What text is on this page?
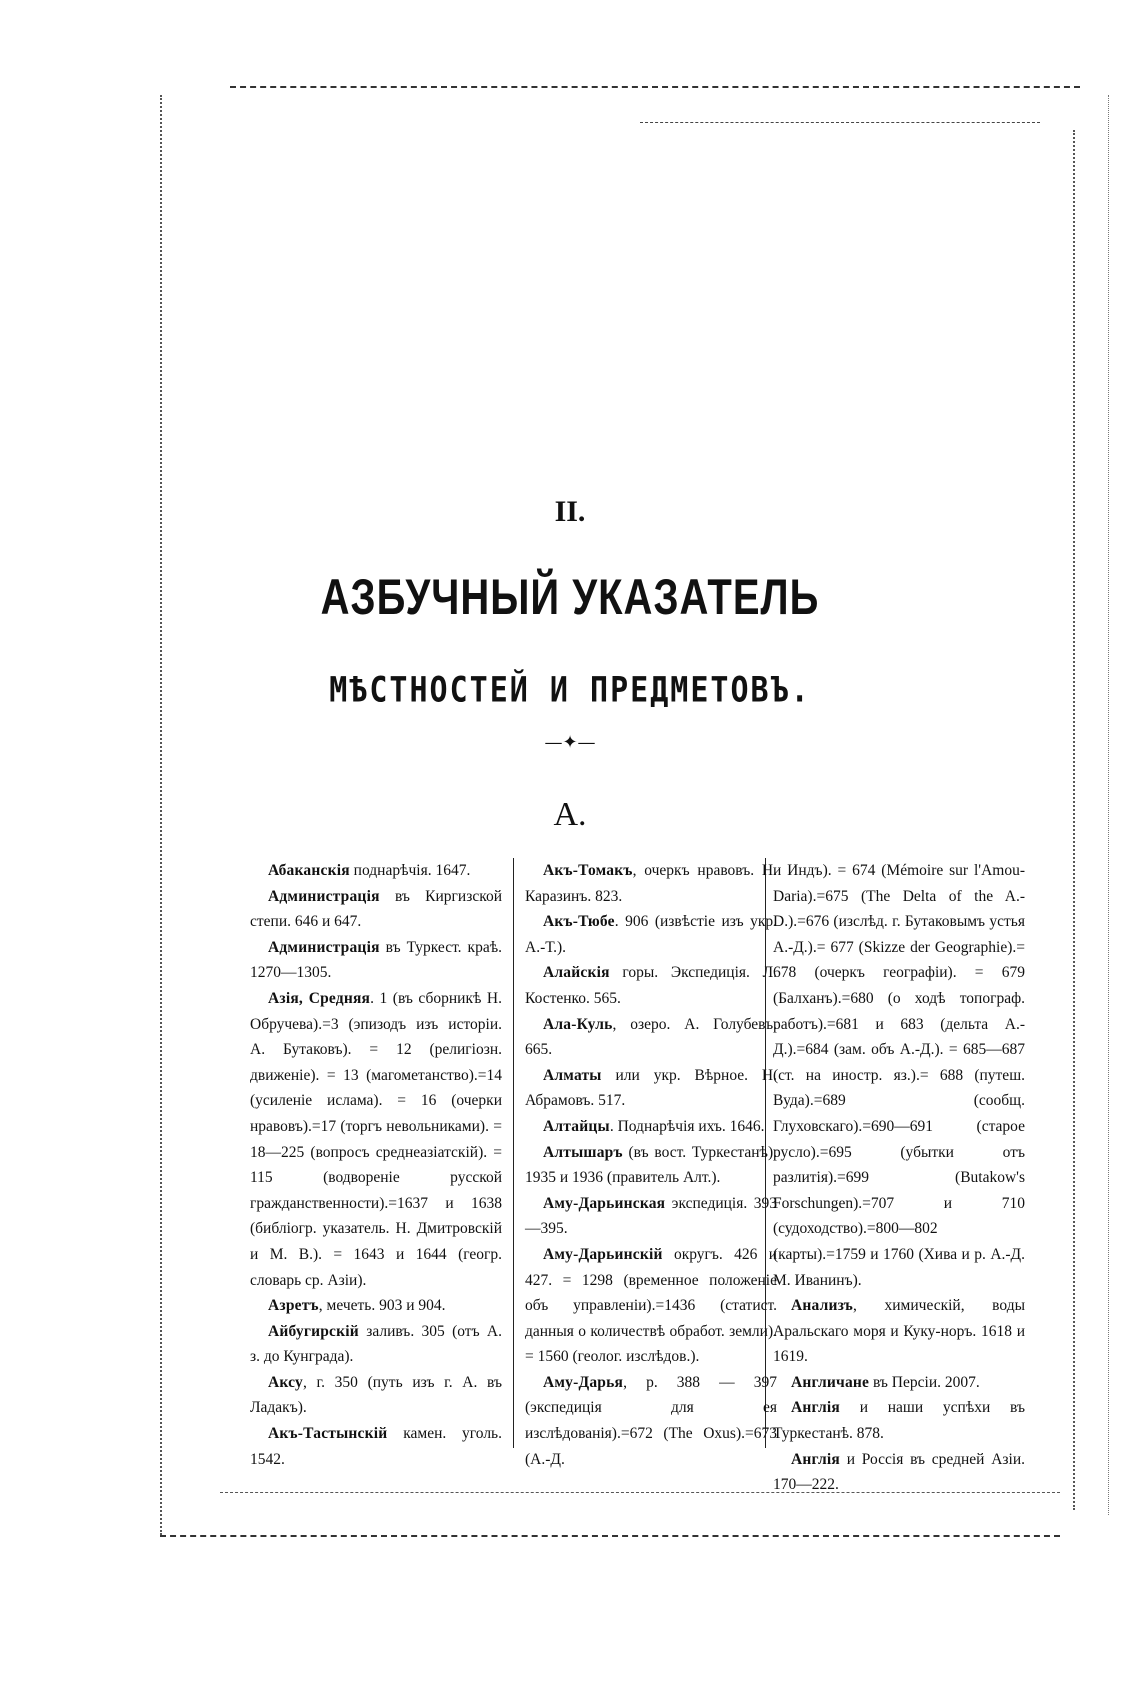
II.
АЗБУЧНЫЙ УКАЗАТЕЛЬ
МѢСТНОСТЕЙ И ПРЕДМЕТОВЪ.
—✦—
А.

Абаканскія поднарѣчія. 1647.

Администрація въ Киргизской степи. 646 и 647.

Администрація въ Туркест. краѣ. 1270—1305.

Азія, Средняя. 1 (въ сборникѣ Н. Обручева).=3 (эпизодъ изъ исторіи. А. Бутаковъ). = 12 (религіозн. движеніе). = 13 (магометанство).=14 (усиленіе ислама). = 16 (очерки нравовъ).=17 (торгъ невольниками). = 18—225 (вопросъ среднеазіатскій). = 115 (водвореніе русской гражданственности).=1637 и 1638 (библіогр. указатель. Н. Дмитровскій и М. В.). = 1643 и 1644 (геогр. словарь ср. Азіи).

Азретъ, мечеть. 903 и 904.

Айбугирскій заливъ. 305 (отъ А. з. до Кунграда).

Аксу, г. 350 (путь изъ г. А. въ Ладакъ).

Акъ-Тастынскій камен. уголь. 1542.

Акъ-Томакъ, очеркъ нравовъ. Н. Каразинъ. 823.

Акъ-Тюбе. 906 (извѣстіе изъ укр. А.-Т.).

Алайскія горы. Экспедиція. Л. Костенко. 565.

Ала-Куль, озеро. А. Голубевъ. 665.

Алматы или укр. Вѣрное. Н. Абрамовъ. 517.

Алтайцы. Поднарѣчія ихъ. 1646.

Алтышаръ (въ вост. Туркестанѣ). 1935 и 1936 (правитель Алт.).

Аму-Дарьинская экспедиція. 393—395.

Аму-Дарьинскій округъ. 426 и 427. = 1298 (временное положеніе объ управленіи).=1436 (статист. данныя о количествѣ обработ. земли). = 1560 (геолог. изслѣдов.).

Аму-Дарья, р. 388 — 397 (экспедиція для ея изслѣдованія).=672 (The Oxus).=673 (А.-Д.

и Индъ). = 674 (Mémoire sur l'Amou-Daria).=675 (The Delta of the A.-D.).=676 (изслѣд. г. Бутаковымъ устья А.-Д.).= 677 (Skizze der Geographie).= 678 (очеркъ географіи). = 679 (Балханъ).=680 (о ходѣ топограф. работъ).=681 и 683 (дельта А.-Д.).=684 (зам. объ А.-Д.). = 685—687 (ст. на иностр. яз.).= 688 (путеш. Вуда).=689 (сообщ. Глуховскаго).=690—691 (старое русло).=695 (убытки отъ разлитія).=699 (Butakow's Forschungen).=707 и 710 (судоходство).=800—802 (карты).=1759 и 1760 (Хива и р. А.-Д. М. Иванинъ).

Анализъ, химическій, воды Аральскаго моря и Куку-норъ. 1618 и 1619.

Англичане въ Персіи. 2007.

Англія и наши успѣхи въ Туркестанѣ. 878.

Англія и Россія въ средней Азіи. 170—222.
